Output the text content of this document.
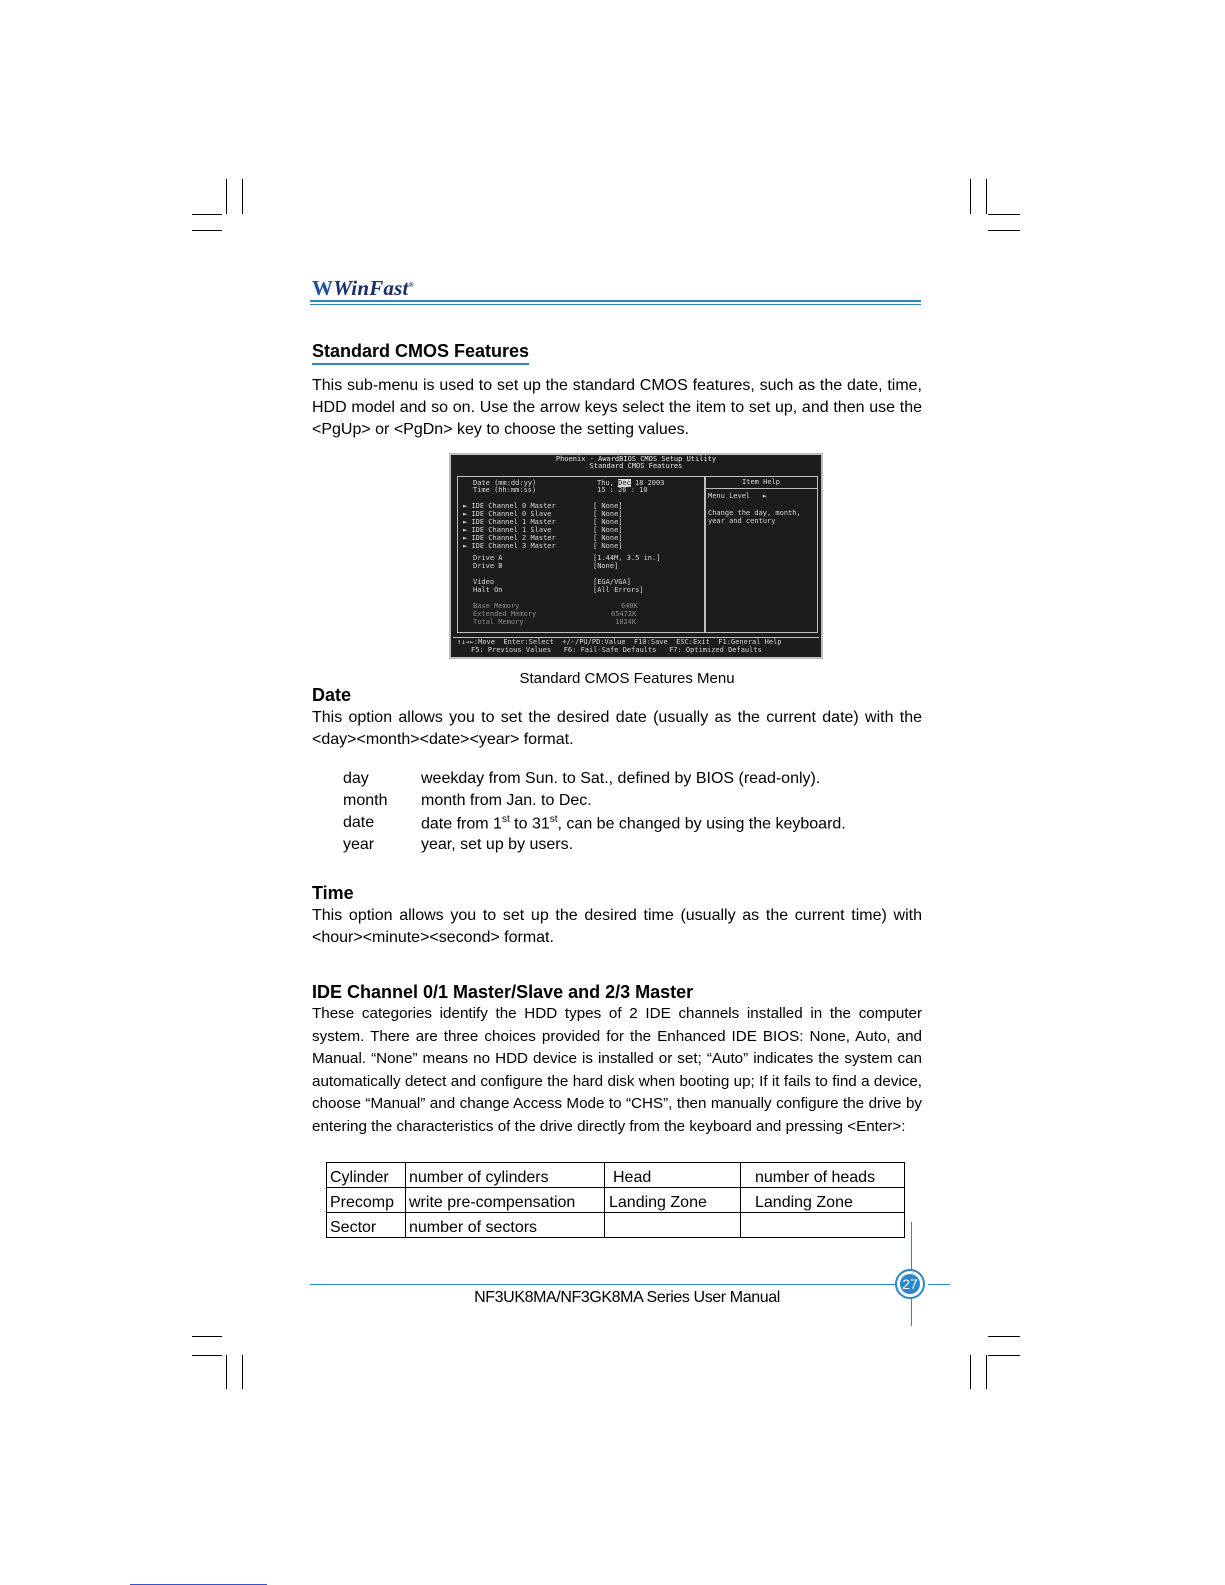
WWinFast®
Standard CMOS Features
This sub-menu is used to set up the standard CMOS features, such as the date, time, HDD model and so on. Use the arrow keys select the item to set up, and then use the <PgUp> or <PgDn> key to choose the setting values.
Phoenix - AwardBIOS CMOS Setup Utility
Standard CMOS Features
Item Help
Date (mm:dd:yy)	Thu, Dec 18 2003
Time (hh:mm:ss)	15 : 26 : 10
► IDE Channel 0 Master	[ None]
► IDE Channel 0 Slave	[ None]
► IDE Channel 1 Master	[ None]
► IDE Channel 1 Slave	[ None]
► IDE Channel 2 Master	[ None]
► IDE Channel 3 Master	[ None]
Drive A	[1.44M, 3.5 in.]
Drive B	[None]
Video	[EGA/VGA]
Halt On	[All Errors]
Base Memory	640K
Extended Memory	65472K
Total Memory	1024K
Menu Level   ►
Change the day, month,
year and century
↑↓→←:Move  Enter:Select  +/-/PU/PD:Value  F10:Save  ESC:Exit  F1:General Help
F5: Previous Values   F6: Fail-Safe Defaults   F7: Optimized Defaults
Standard CMOS Features Menu
Date
This option allows you to set the desired date (usually as the current date) with the <day><month><date><year> format.
day	weekday from Sun. to Sat., defined by BIOS (read-only).
month	month from Jan. to Dec.
date	date from 1st to 31st, can be changed by using the keyboard.
year	year, set up by users.
Time
This option allows you to set up the desired time (usually as the current time) with <hour><minute><second> format.
IDE Channel 0/1 Master/Slave and 2/3 Master
These categories identify the HDD types of 2 IDE channels installed in the computer system. There are three choices provided for the Enhanced IDE BIOS: None, Auto, and Manual. “None” means no HDD device is installed or set; “Auto” indicates the system can automatically detect and configure the hard disk when booting up; If it fails to find a device, choose “Manual” and change Access Mode to “CHS”, then manually configure the drive by entering the characteristics of the drive directly from the keyboard and pressing <Enter>:
Cylinder	number of cylinders	Head	number of heads
Precomp	write pre-compensation	Landing Zone	Landing Zone
Sector	number of sectors		
27
NF3UK8MA/NF3GK8MA Series User Manual
